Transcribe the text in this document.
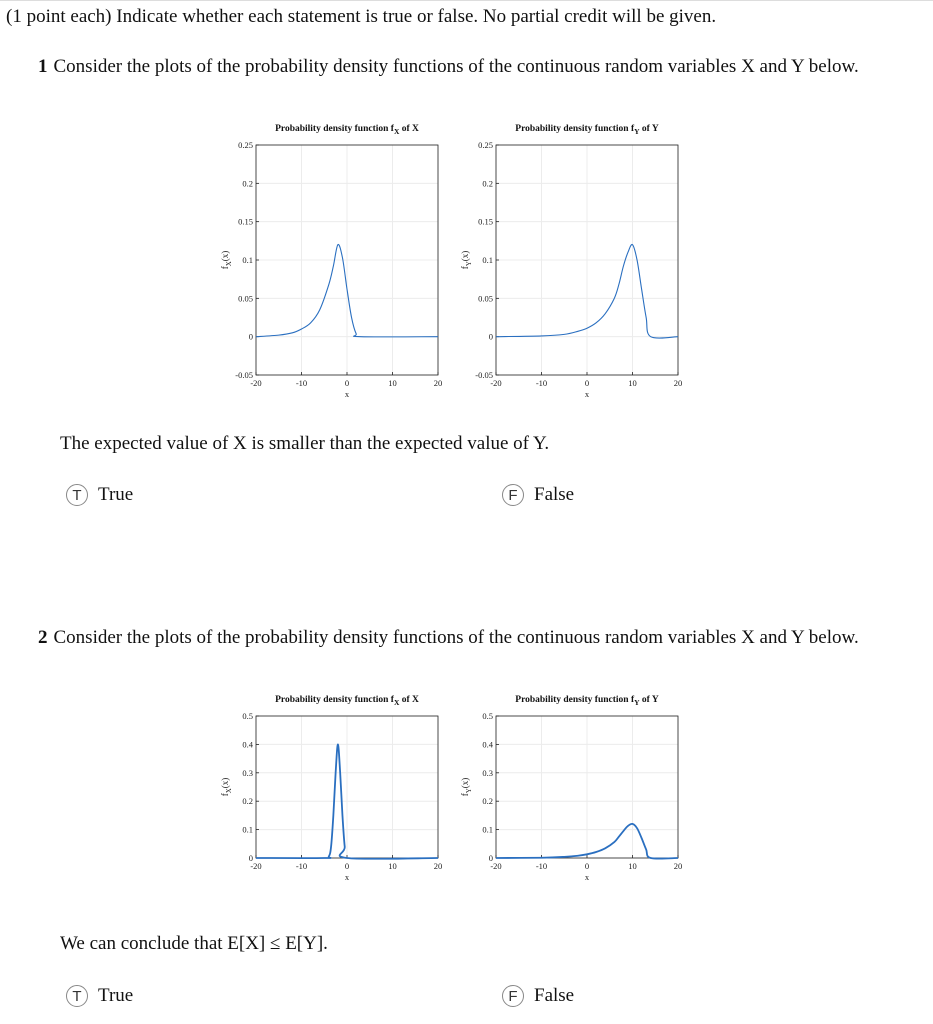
(1 point each) Indicate whether each statement is true or false. No partial credit will be given.
1 Consider the plots of the probability density functions of the continuous random variables X and Y below.
-20	-10	0	10	20
-0.05
0
0.05
0.1
0.15
0.2
0.25
Probability density function $f_X$ of X
x
$f_X(x)$
-20	-10	0	10	20
-0.05
0
0.05
0.1
0.15
0.2
0.25
Probability density function $f_Y$ of Y
x
$f_Y(x)$
The expected value of X is smaller than the expected value of Y.
T True	F False
2 Consider the plots of the probability density functions of the continuous random variables X and Y below.
-20	-10	0	10	20
0
0.1
0.2
0.3
0.4
0.5
Probability density function $f_X$ of X
x
$f_X(x)$
-20	-10	0	10	20
0
0.1
0.2
0.3
0.4
0.5
Probability density function $f_Y$ of Y
x
$f_Y(x)$
We can conclude that E[X] ≤ E[Y].
T True	F False
